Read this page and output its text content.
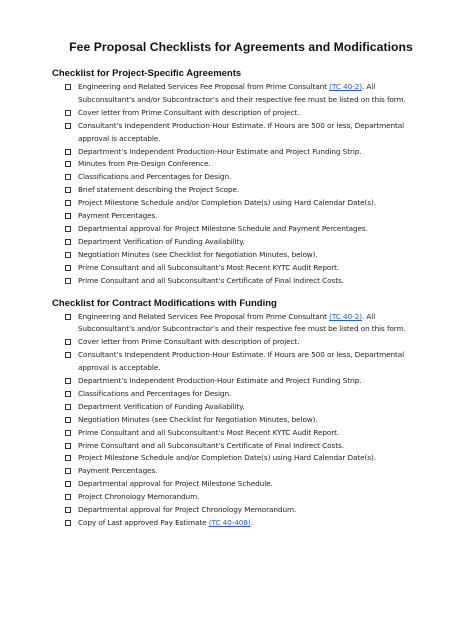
Fee Proposal Checklists for Agreements and Modifications
Checklist for Project-Specific Agreements
Engineering and Related Services Fee Proposal from Prime Consultant (TC 40-2). All Subconsultant’s and/or Subcontractor’s and their respective fee must be listed on this form.
Cover letter from Prime Consultant with description of project.
Consultant’s Independent Production-Hour Estimate. If Hours are 500 or less, Departmental approval is acceptable.
Department’s Independent Production-Hour Estimate and Project Funding Strip.
Minutes from Pre-Design Conference.
Classifications and Percentages for Design.
Brief statement describing the Project Scope.
Project Milestone Schedule and/or Completion Date(s) using Hard Calendar Date(s).
Payment Percentages.
Departmental approval for Project Milestone Schedule and Payment Percentages.
Department Verification of Funding Availability.
Negotiation Minutes (see Checklist for Negotiation Minutes, below).
Prime Consultant and all Subconsultant’s Most Recent KYTC Audit Report.
Prime Consultant and all Subconsultant’s Certificate of Final Indirect Costs.
Checklist for Contract Modifications with Funding
Engineering and Related Services Fee Proposal from Prime Consultant (TC 40-2). All Subconsultant’s and/or Subcontractor’s and their respective fee must be listed on this form.
Cover letter from Prime Consultant with description of project.
Consultant’s Independent Production-Hour Estimate. If Hours are 500 or less, Departmental approval is acceptable.
Department’s Independent Production-Hour Estimate and Project Funding Strip.
Classifications and Percentages for Design.
Department Verification of Funding Availability.
Negotiation Minutes (see Checklist for Negotiation Minutes, below).
Prime Consultant and all Subconsultant’s Most Recent KYTC Audit Report.
Prime Consultant and all Subconsultant’s Certificate of Final Indirect Costs.
Project Milestone Schedule and/or Completion Date(s) using Hard Calendar Date(s).
Payment Percentages.
Departmental approval for Project Milestone Schedule.
Project Chronology Memorandum.
Departmental approval for Project Chronology Memorandum.
Copy of Last approved Pay Estimate (TC 40-408).
